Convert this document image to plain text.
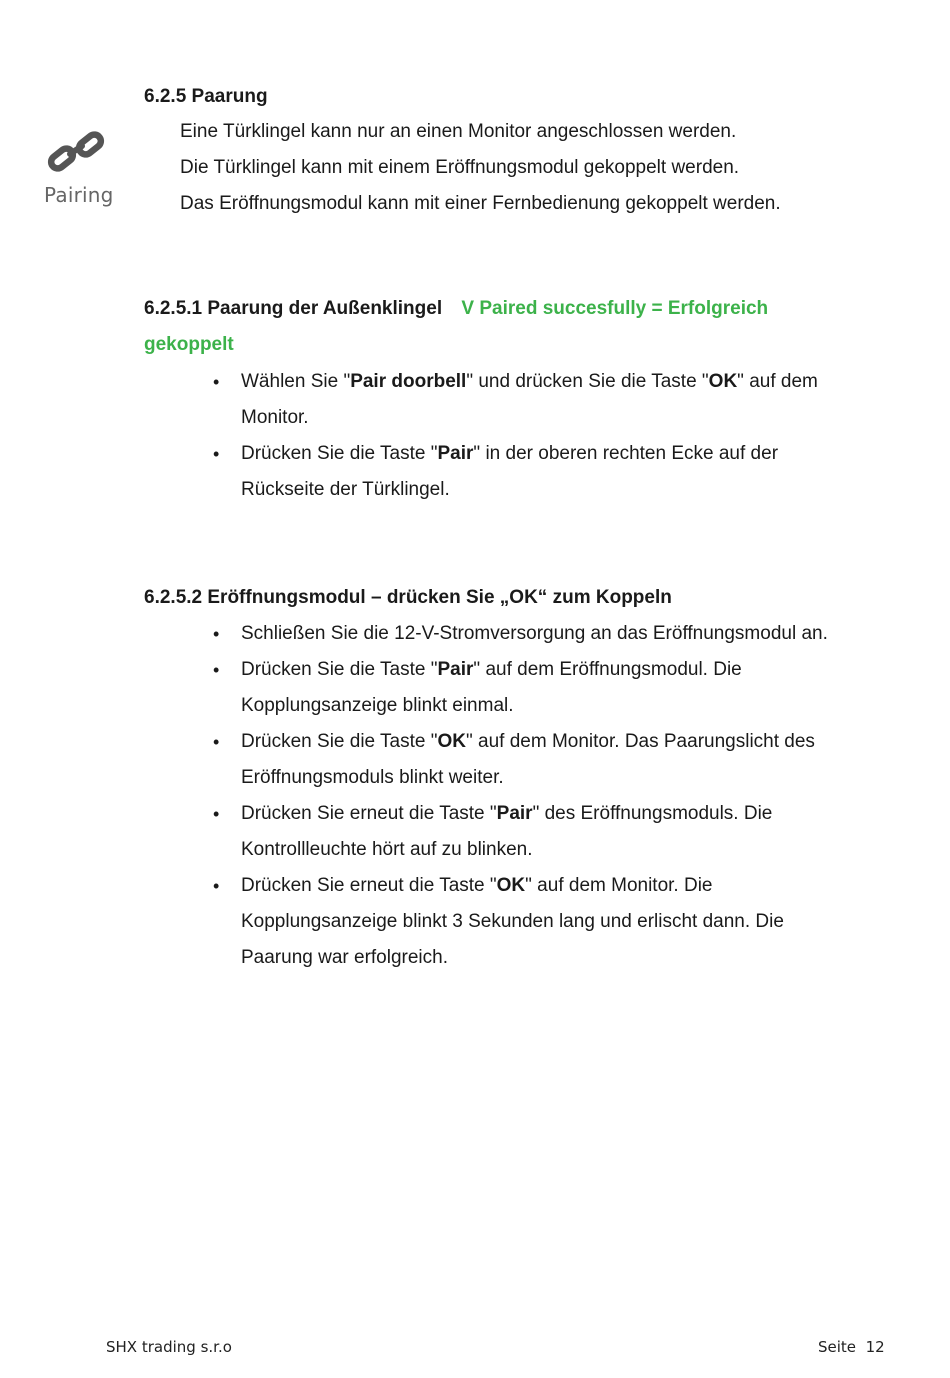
6.2.5 Paarung
Pairing
Eine Türklingel kann nur an einen Monitor angeschlossen werden.
Die Türklingel kann mit einem Eröffnungsmodul gekoppelt werden.
Das Eröffnungsmodul kann mit einer Fernbedienung gekoppelt werden.
6.2.5.1 Paarung der Außenklingel V Paired succesfully = Erfolgreich
gekoppelt
• Wählen Sie "Pair doorbell" und drücken Sie die Taste "OK" auf dem
Monitor.
• Drücken Sie die Taste "Pair" in der oberen rechten Ecke auf der
Rückseite der Türklingel.
6.2.5.2 Eröffnungsmodul – drücken Sie „OK“ zum Koppeln
• Schließen Sie die 12-V-Stromversorgung an das Eröffnungsmodul an.
• Drücken Sie die Taste "Pair" auf dem Eröffnungsmodul. Die
Kopplungsanzeige blinkt einmal.
• Drücken Sie die Taste "OK" auf dem Monitor. Das Paarungslicht des
Eröffnungsmoduls blinkt weiter.
• Drücken Sie erneut die Taste "Pair" des Eröffnungsmoduls. Die
Kontrollleuchte hört auf zu blinken.
• Drücken Sie erneut die Taste "OK" auf dem Monitor. Die
Kopplungsanzeige blinkt 3 Sekunden lang und erlischt dann. Die
Paarung war erfolgreich.
SHX trading s.r.o	Seite  12
